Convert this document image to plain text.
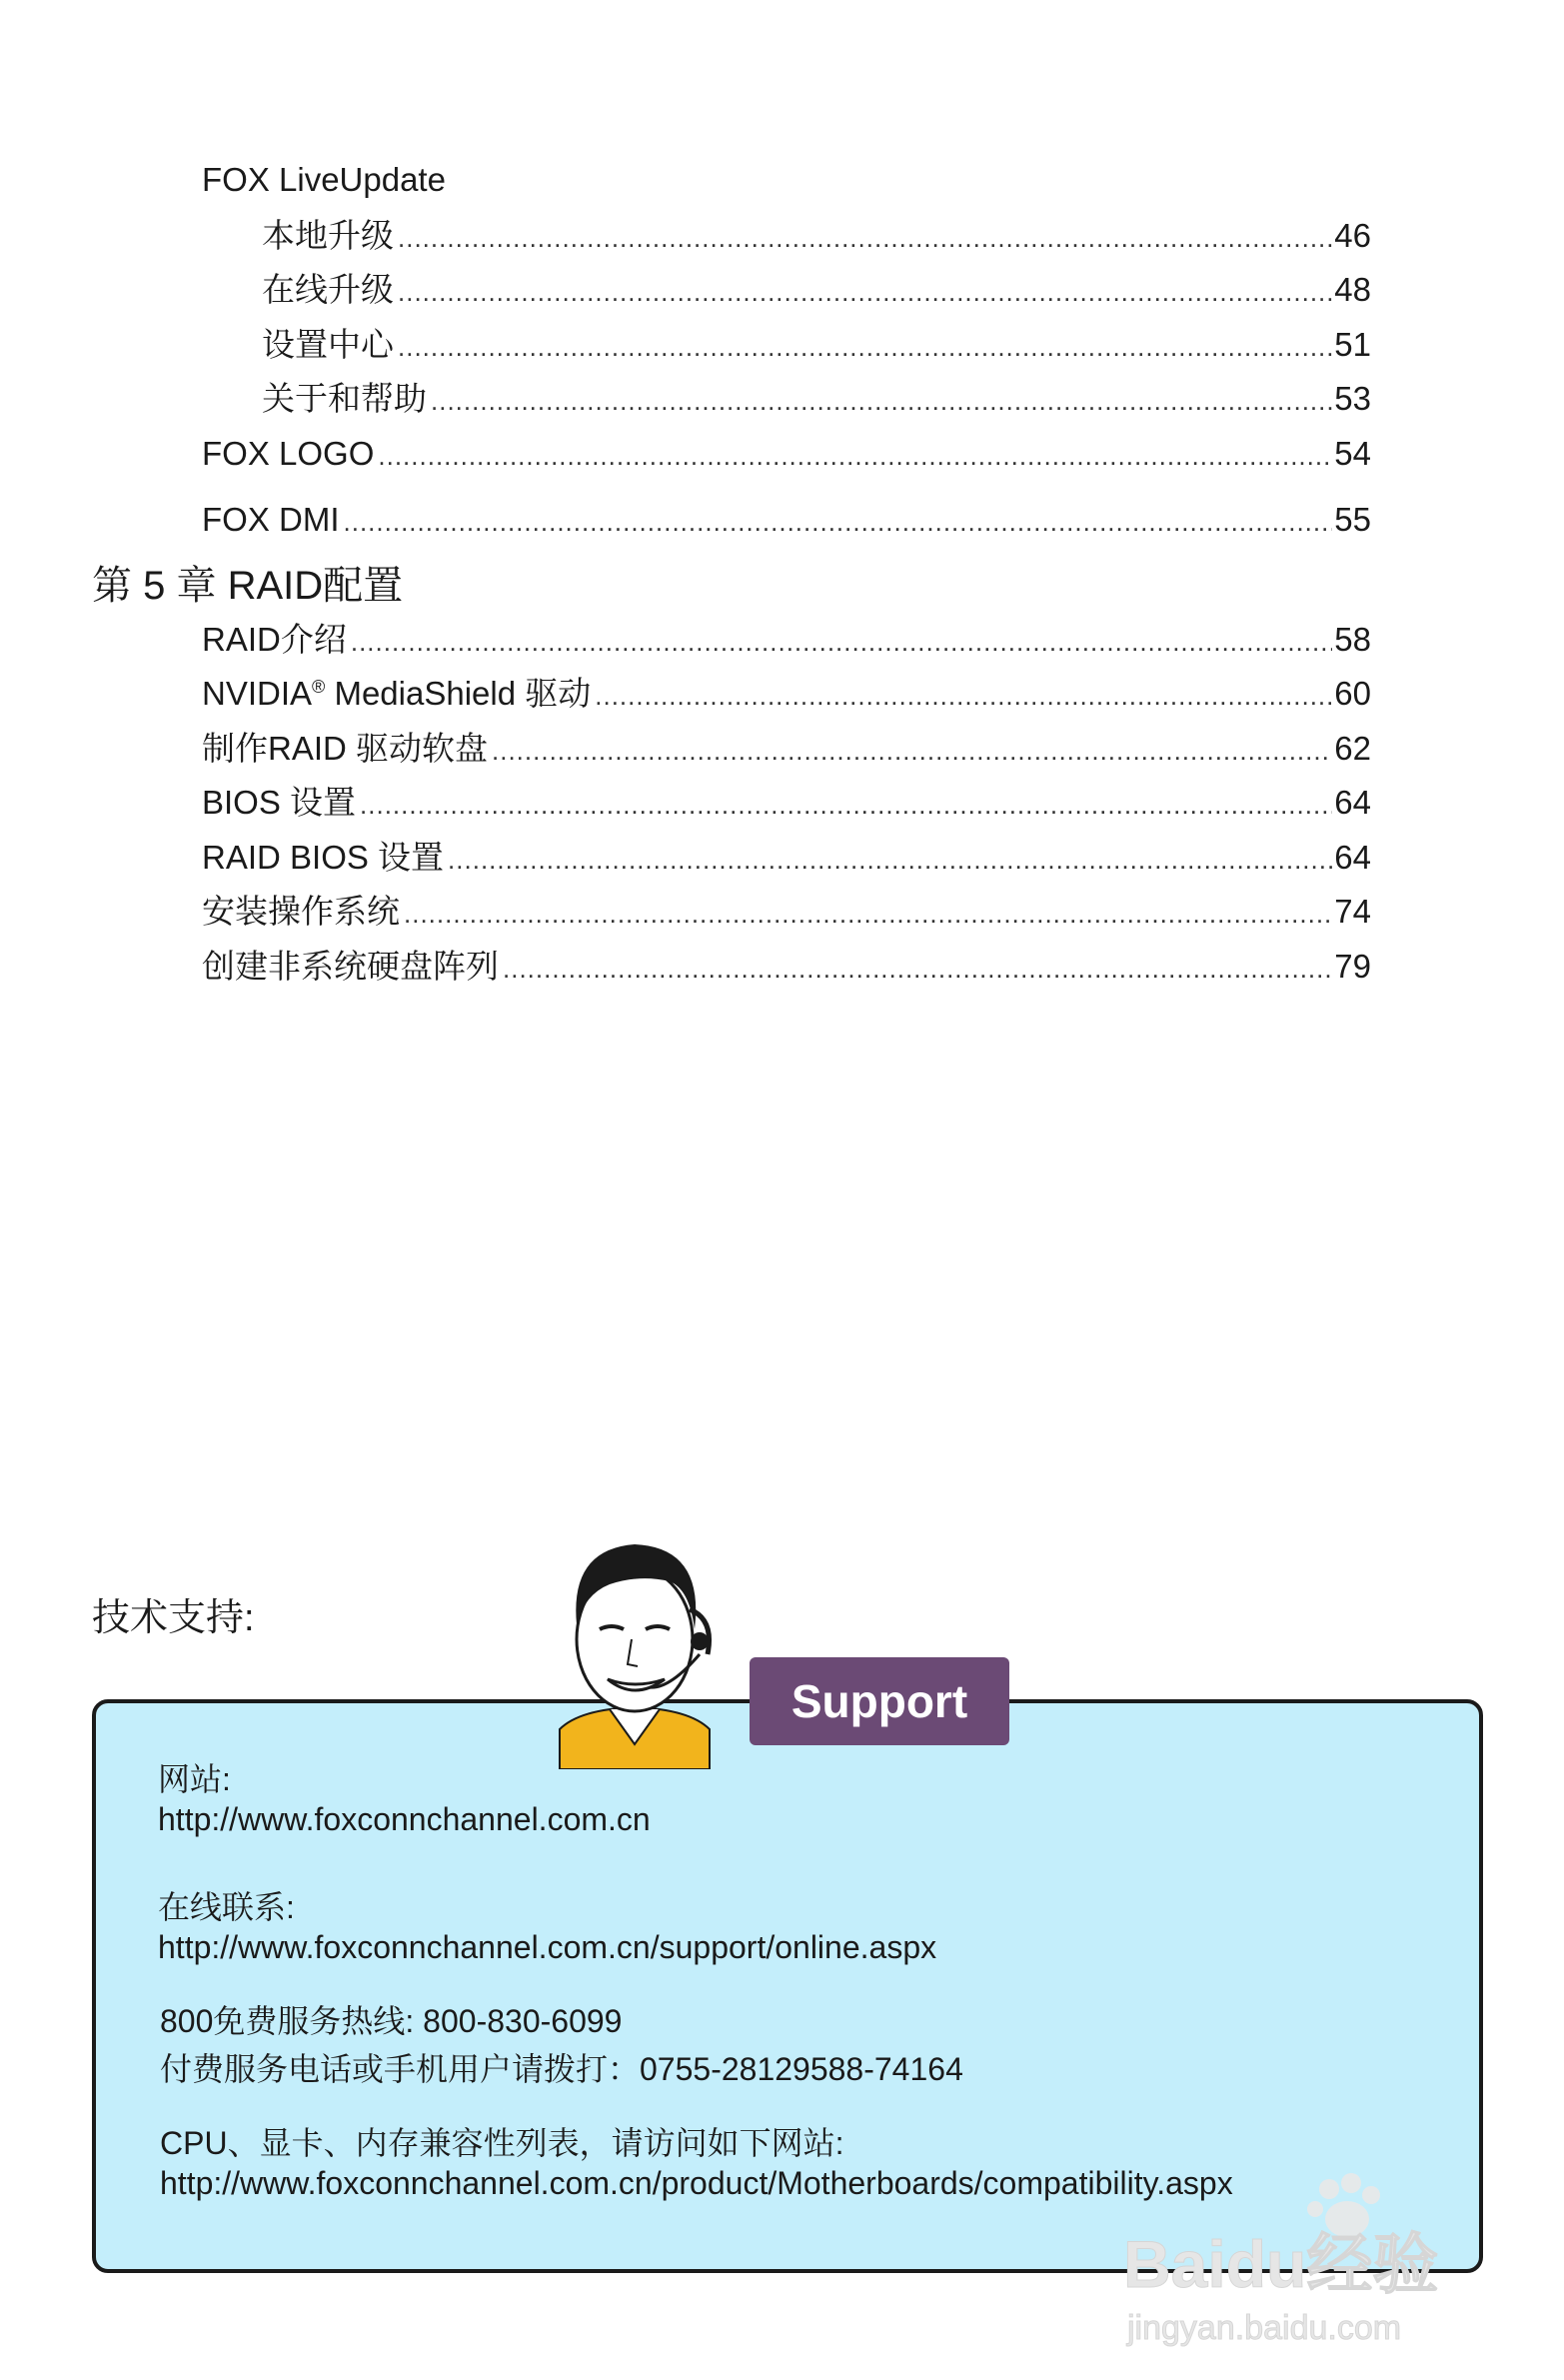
FOX LiveUpdate
本地升级 .....	46
在线升级 .....	48
设置中心 .....	51
关于和帮助 .....	53
FOX LOGO .....	54
FOX DMI .....	55
第 5 章 RAID配置
RAID介绍 .....	58
NVIDIA® MediaShield 驱动 .....	60
制作RAID 驱动软盘 .....	62
BIOS 设置 .....	64
RAID BIOS 设置 .....	64
安装操作系统 .....	74
创建非系统硬盘阵列 .....	79
技术支持:
Support
网站:
http://www.foxconnchannel.com.cn
在线联系:
http://www.foxconnchannel.com.cn/support/online.aspx
800免费服务热线: 800-830-6099
付费服务电话或手机用户请拨打：0755-28129588-74164
CPU、显卡、内存兼容性列表，请访问如下网站:
http://www.foxconnchannel.com.cn/product/Motherboards/compatibility.aspx
Baidu经验
jingyan.baidu.com
